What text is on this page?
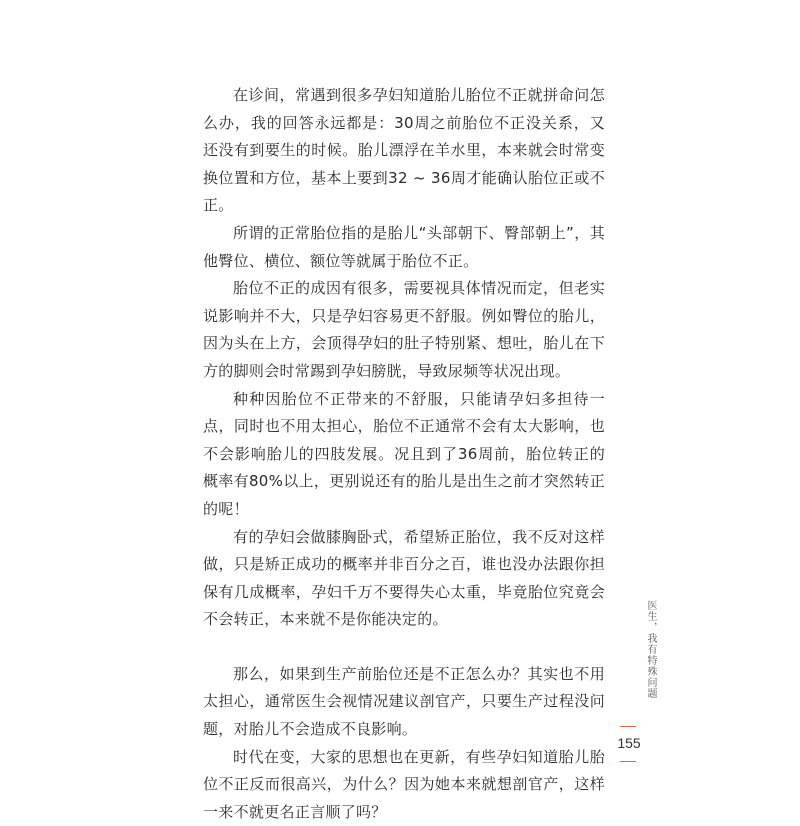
在诊间，常遇到很多孕妇知道胎儿胎位不正就拼命问怎么办，我的回答永远都是：30周之前胎位不正没关系，又还没有到要生的时候。胎儿漂浮在羊水里，本来就会时常变换位置和方位，基本上要到32 ~ 36周才能确认胎位正或不正。

所谓的正常胎位指的是胎儿“头部朝下、臀部朝上”，其他臀位、横位、额位等就属于胎位不正。

胎位不正的成因有很多，需要视具体情况而定，但老实说影响并不大，只是孕妇容易更不舒服。例如臀位的胎儿，因为头在上方，会顶得孕妇的肚子特别紧、想吐，胎儿在下方的脚则会时常踢到孕妇膀胱，导致尿频等状况出现。

种种因胎位不正带来的不舒服，只能请孕妇多担待一点，同时也不用太担心，胎位不正通常不会有太大影响，也不会影响胎儿的四肢发展。况且到了36周前，胎位转正的概率有80%以上，更别说还有的胎儿是出生之前才突然转正的呢！

有的孕妇会做膝胸卧式，希望矫正胎位，我不反对这样做，只是矫正成功的概率并非百分之百，谁也没办法跟你担保有几成概率，孕妇千万不要得失心太重，毕竟胎位究竟会不会转正，本来就不是你能决定的。

那么，如果到生产前胎位还是不正怎么办？其实也不用太担心，通常医生会视情况建议剖官产，只要生产过程没问题，对胎儿不会造成不良影响。

时代在变，大家的思想也在更新，有些孕妇知道胎儿胎位不正反而很高兴，为什么？因为她本来就想剖官产，这样一来不就更名正言顺了吗？

医生，我有特殊问题
155
